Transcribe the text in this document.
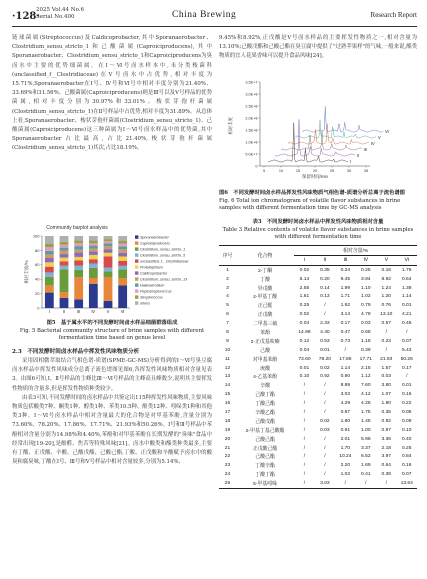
·128·
2025 Vol.44 No.6
Serial No.400	China Brewing	Research Report

链球菌属(Streptococcus)及Caldicoprobacter,其中Sporanaerobacter、Clostridium_sensu_stricto_1和己酸菌属(Caproiciproducens),其中Sporanaerobacter、Clostridium_sensu_stricto_1和Caproiciproducens为臭卤水中主要的优势细菌属。在Ⅰ～Ⅵ号卤水样本中,未分类梭菌科(unclassified_f__Clostridiaceae)在Ⅴ号卤水中占优势,相对丰度为15.71%,Sporanaerobacter在Ⅰ号、Ⅳ号和Ⅵ号中相对丰度分别为21.40%、33.69%和31.56%。己酸菌属(Caproiciproducens)则是Ⅲ号以及Ⅴ号样品的优势菌属,相对丰度分别为30.97%和33.01%。梭状芽孢杆菌属(Clostridium_sensu_stricto_1)在Ⅱ号样品中占优势,相对丰度为31.89%。从总体上看,Sporanaerobacter、梭状芽孢杆菌属(Clostridium_sensu_stricto_1)、己酸菌属(Caproiciproducens)这三种菌属为Ⅰ～Ⅵ号卤水样品中的优势菌,其中Sporanaerobacter占比最高,占比21.40%,梭状芽孢杆菌属(Clostridium_sensu_stricto_1)其次,占比18.19%。

Community barplot analysis
相对丰度/%
0
20
40
60
80
100
Ⅰ	Ⅱ	Ⅲ	Ⅳ	Ⅴ	Ⅵ
Sporanaerobacter
Caproiciproducens
Clostridium_sensu_stricto_1
Clostridium_sensu_stricto_5
unclassified_f__Clostridiaceae
Proteiniphilum
Caldicoprobacter
Clostridium_sensu_stricto_13
Halanaerobium
Peptostreptococcus
Streptococcus
others
图5　基于属水平的不同发酵时间卤水样品细菌群落组成
Fig. 5 Bacterial community structure of brine samples with different fermentation time based on genus level
2.3　不同发酵时间卤水样品中挥发性风味物质分析

采用固相微萃取结合气相色谱-质谱(SPME-GC-MS)分析得到的Ⅰ～Ⅵ号臭豆腐卤水样品中挥发性风味成分总离子流色谱图见图6,各挥发性风味物质相对含量见表3。由图6可知,Ⅰ、Ⅱ号样品的主峰比Ⅲ～Ⅵ号样品的主峰高且峰数少,说明其主要挥发性物质的含量多,但是挥发性物质种类较少。

由表3可知,不同发酵时间的卤水样品中共鉴定出115种挥发性风味物质,主要风味物质包括酸类7种、酮类1种、醇类1种、苯类10.5种、酚类12种、吲哚类1种和其他类3种。Ⅰ～Ⅵ号卤水样品中相对含量最大的化合物是对甲基苯酚,含量分别为73.60%、78.20%、17.86%、17.71%、21.93%和50.26%。Ⅰ号和Ⅱ号样品中苯酚相对含量分别为14.98%和4.40%,苯酚和对甲基苯酚在长期发酵的"臭味"食品中经常出现[19-20],是酚醛、焦苦等特殊风味[21]。卤水中酸类和酯类种类最多,主要有丁酸、正戊酸、辛酸、己酸戊酯、己酸己酯,丁酸、正戊酸和辛酸赋予卤水中的酸臭和腐臭味,丁酸在Ⅰ号、Ⅲ号和Ⅴ号样品中相对含量较多,分别为5.14%、

9.45%和8.92%,正戊酸是Ⅴ号卤水样品的主要挥发性物质之一,相对含量为13.10%;己酸戊酯和己酸己酯在臭豆腐中提供了"过熟苹果样"的气味,一般来说,酯类物质的宜人花果香味可以提升食品风味[24]。

0
5.0E+7
1.0E+8
1.5E+8
2.0E+8
2.5E+8
3.0E+8
3.5E+7
5	10	15	20	25	30	35
保留时间/min
相对丰度	Ⅵ
Ⅴ
Ⅳ
Ⅲ
Ⅱ
Ⅰ
图6　不同发酵时间卤水样品挥发性风味物质气相色谱-质谱分析总离子流色谱图
Fig. 6 Total ion chromatogram of volatile flavor substances in brine samples with different fermentation time by GC-MS analysis
表3　不同发酵时间卤水样品中挥发性风味物质相对含量
Table 3 Relative contents of volatile flavor substances in brine samples with different fermentation time
序号	化合物	相对含量/%					
		Ⅰ	Ⅱ	Ⅲ	Ⅳ	Ⅴ	Ⅵ
1	2-丁酮	0.02	0.35	0.24	0.25	0.16	1.76
2	丁酸	5.14	0.20	9.45	3.94	8.92	0.64
3	异戊酸	2.55	0.14	1.99	1.10	1.24	1.38
4	2-甲基丁酸	1.61	0.13	1.71	1.02	1.20	1.14
5	正己醛	0.25	/	1.92	0.79	0.76	0.01
6	正戊酸	0.02	/	3.14	4.78	13.10	4.21
7	二甲基三硫	0.04	2.33	0.17	0.03	0.57	0.46
8	苯酚	14.98	4.40	0.47	0.68	/	/
9	2-正戊基呋喃	0.12	0.53	0.73	1.18	0.23	0.07
10	己酸	0.04	0.01	/	0.39	/	5.43
11	对甲基苯酚	73.60	78.20	17.86	17.71	21.93	50.26
12	庚酸	0.01	0.02	1.14	2.15	1.57	0.17
13	4-乙基苯酚	0.10	0.92	0.90	1.12	0.03	/
14	辛酸	/	/	8.89	7.60	3.80	0.01
15	己酸丁酯	/	/	3.03	4.12	1.07	0.16
16	丁酸己酯	/	/	4.29	4.28	1.80	0.22
17	辛酸乙酯	/	/	0.87	1.75	0.35	0.05
18	己酸戊酯	/	0.02	1.80	1.45	0.92	0.09
19	2-甲基丁基己酸酯	/	0.03	0.91	1.00	0.87	0.10
20	己酸己酯	/	/	2.01	5.98	3.36	0.40
21	正戊酸己酯	/	/	1.70	3.37	2.18	0.25
22	己酸己酯	/	/	10.24	6.52	3.97	0.84
23	丁酸辛酯	/	/	2.20	1.69	0.64	0.16
24	丁酸丁酯	/	/	1.02	0.41	0.38	0.07
25	5-甲基吲哚	/	3.03	/	/	/	13.64
